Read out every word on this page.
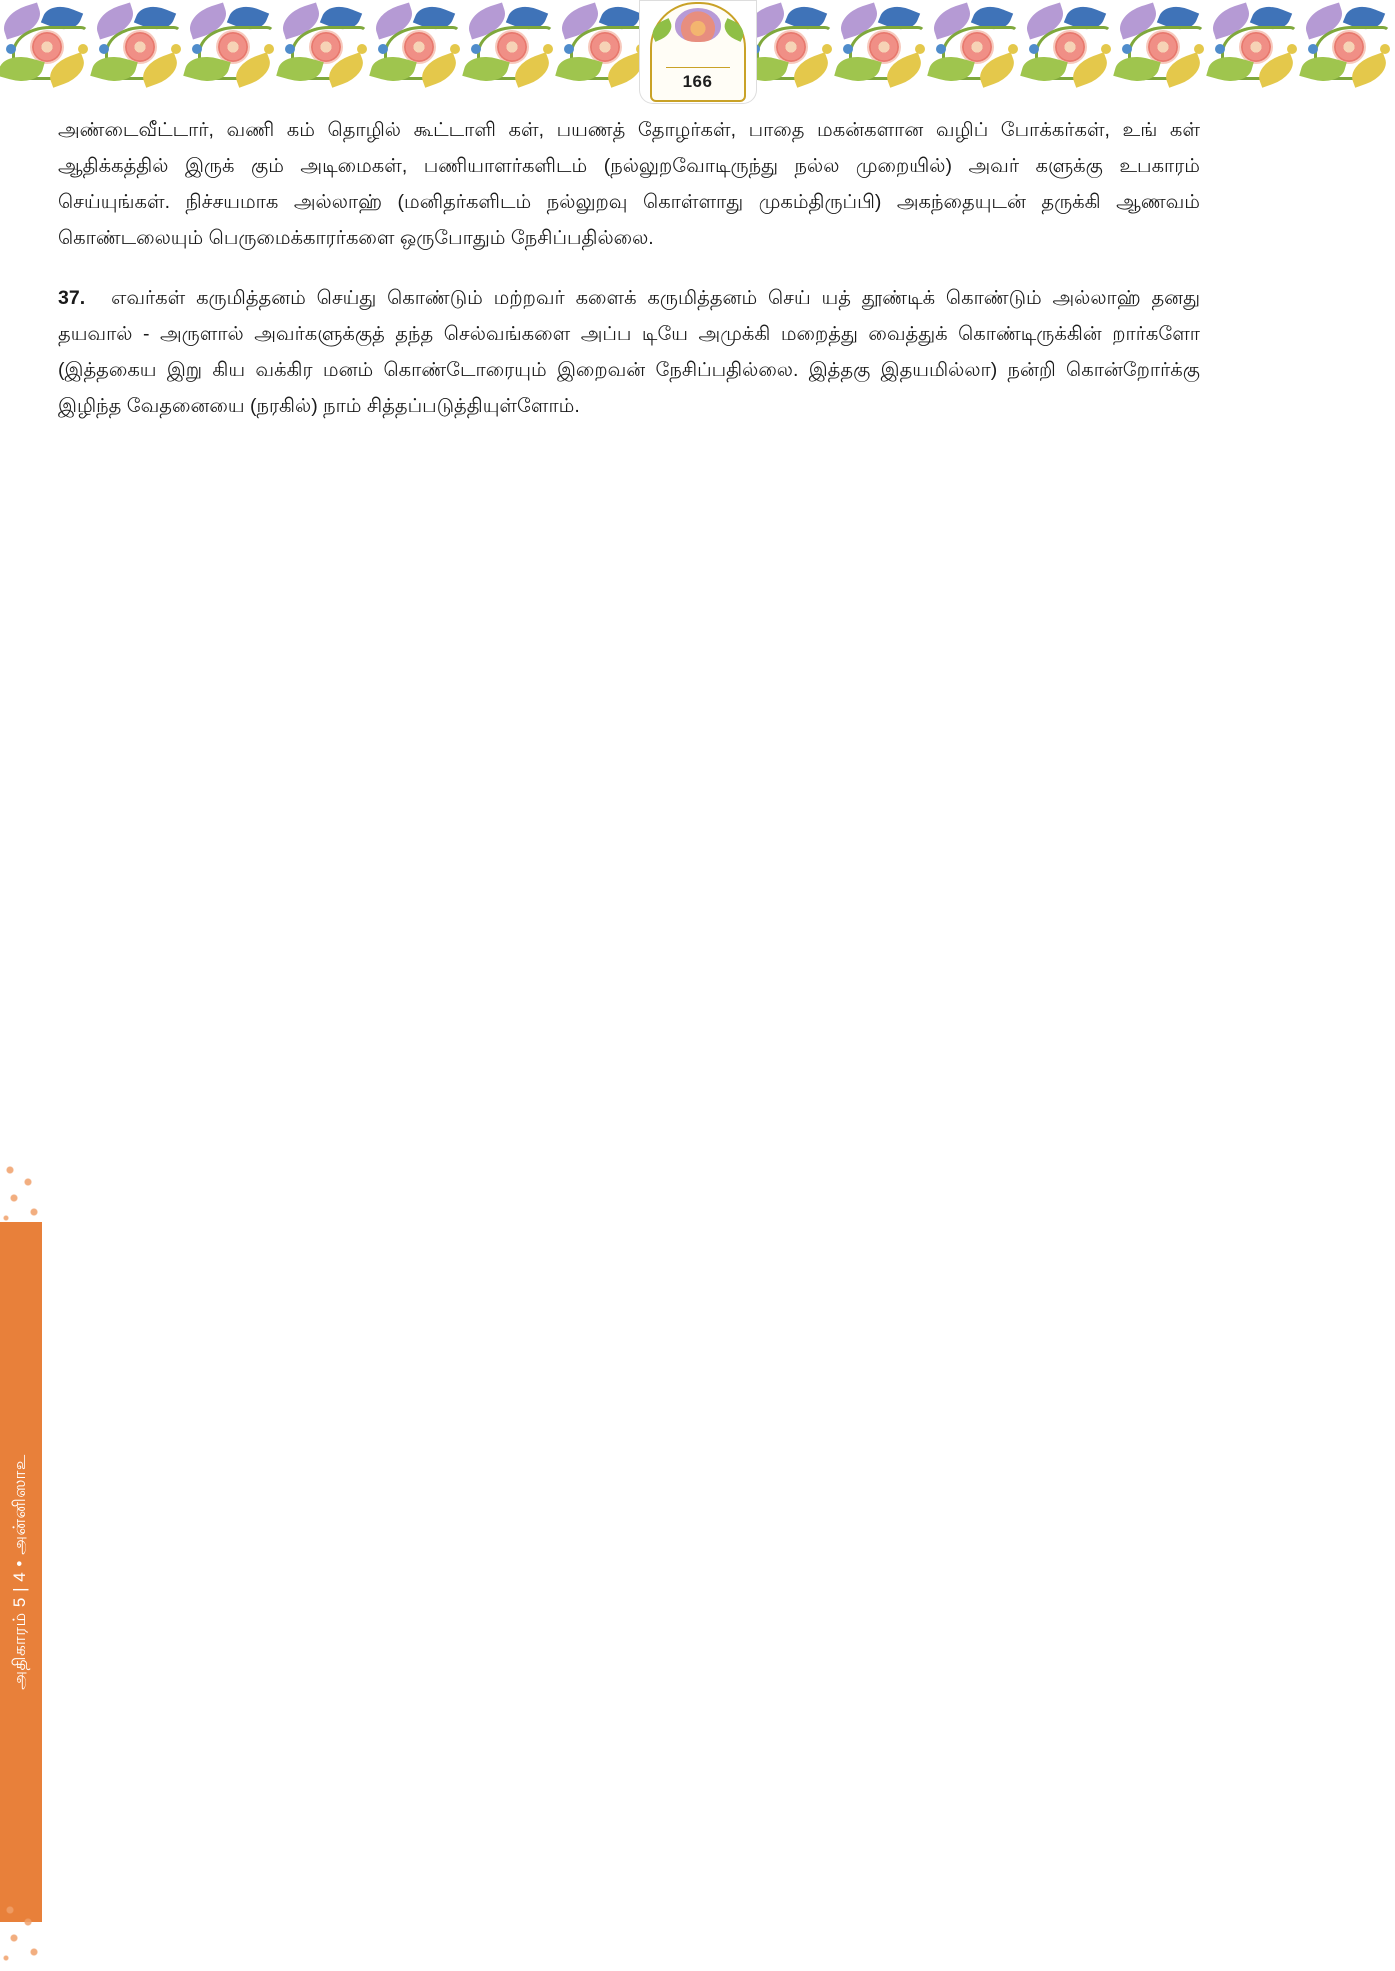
166

அண்டைவீட்டார், வணி கம் தொழில் கூட்டாளி கள், பயணத் தோழர்கள், பாதை மகன்களான வழிப் போக்கர்கள், உங் கள் ஆதிக்கத்தில் இருக் கும் அடிமைகள், பணியாளர்களிடம் (நல்லுறவோடிருந்து நல்ல முறையில்) அவர் களுக்கு உபகாரம் செய்யுங்கள். நிச்சயமாக அல்லாஹ் (மனிதர்களிடம் நல்லுறவு கொள்ளாது முகம்திருப்பி) அகந்தையுடன் தருக்கி ஆணவம் கொண்டலையும் பெருமைக்காரர்களை ஒருபோதும் நேசிப்பதில்லை.

37. எவர்கள் கருமித்தனம் செய்து கொண்டும் மற்றவர் களைக் கருமித்தனம் செய் யத் தூண்டிக் கொண்டும் அல்லாஹ் தனது தயவால் - அருளால் அவர்களுக்குத் தந்த செல்வங்களை அப்ப டியே அமுக்கி மறைத்து வைத்துக் கொண்டிருக்கின் றார்களோ (இத்தகைய இறு கிய வக்கிர மனம் கொண்டோரையும் இறைவன் நேசிப்பதில்லை. இத்தகு இதயமில்லா) நன்றி கொன்றோர்க்கு இழிந்த வேதனையை (நரகில்) நாம் சித்தப்படுத்தியுள்ளோம்.

அதிகாரம் 5 | 4 • அன்னிஸாஉ
